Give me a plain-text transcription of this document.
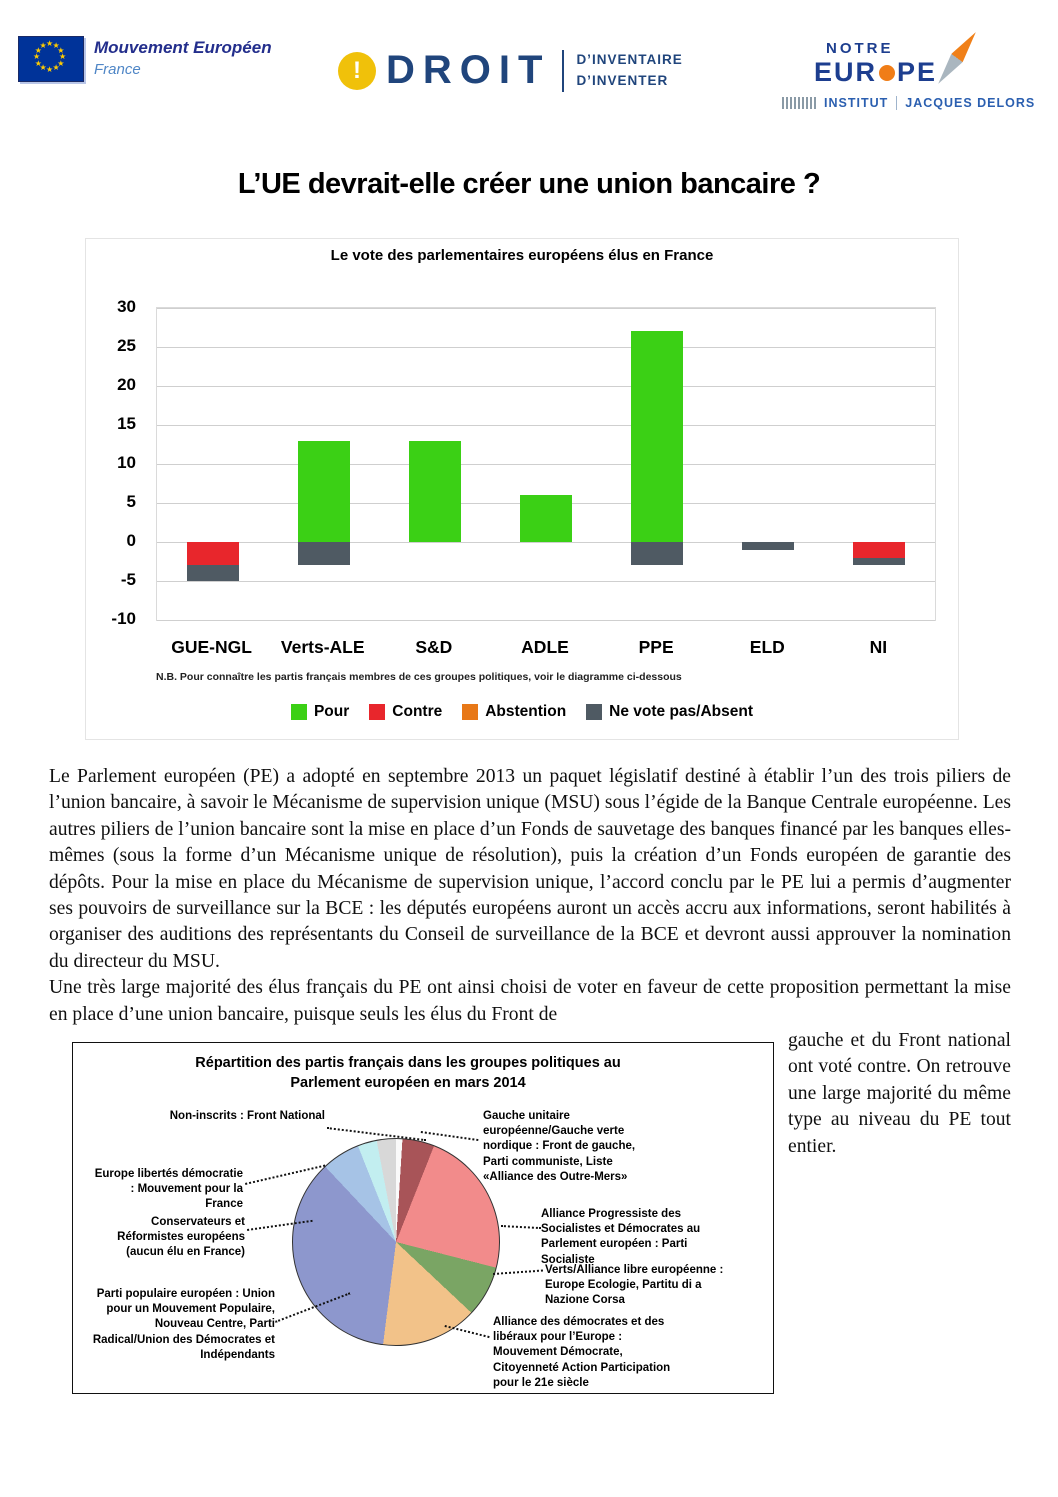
★ ★
★
★
★
★
★
★
★
★
★
★	Mouvement Européen
France	! DROIT D’INVENTAIRE
D’INVENTER
NOTRE
EUR PE
INSTITUT JACQUES DELORS
L’UE devrait-elle créer une union bancaire ?
Le vote des parlementaires européens élus en France
30
25
20
15
10
5
0
-5
-10
GUE-NGL	Verts-ALE	S&D	ADLE	PPE	ELD	NI
N.B. Pour connaître les partis français membres de ces groupes politiques, voir le diagramme ci-dessous
Pour	Contre	Abstention	Ne vote pas/Absent

Le Parlement européen (PE) a adopté en septembre 2013 un paquet législatif destiné à établir l’un des trois piliers de l’union bancaire, à savoir le Mécanisme de supervision unique (MSU) sous l’égide de la Banque Centrale européenne. Les autres piliers de l’union bancaire sont la mise en place d’un Fonds de sauvetage des banques financé par les banques elles-mêmes (sous la forme d’un Mécanisme unique de résolution), puis la création d’un Fonds européen de garantie des dépôts. Pour la mise en place du Mécanisme de supervision unique, l’accord conclu par le PE lui a permis d’augmenter ses pouvoirs de surveillance sur la BCE : les députés européens auront un accès accru aux informations, seront habilités à organiser des auditions des représentants du Conseil de surveillance de la BCE et devront aussi approuver la nomination du directeur du MSU.

Une très large majorité des élus français du PE ont ainsi choisi de voter en faveur de cette proposition permettant la mise en place d’une union bancaire, puisque seuls les élus du Front de

Répartition des partis français dans les groupes politiques au Parlement européen en mars 2014
Non-inscrits : Front National
Europe libertés démocratie : Mouvement pour la France
Conservateurs et Réformistes européens (aucun élu en France)
Parti populaire européen : Union pour un Mouvement Populaire, Nouveau Centre, Parti Radical/Union des Démocrates et Indépendants
Gauche unitaire européenne/Gauche verte nordique : Front de gauche, Parti communiste, Liste «Alliance des Outre-Mers»
Alliance Progressiste des Socialistes et Démocrates au Parlement européen : Parti Socialiste
Verts/Alliance libre européenne : Europe Ecologie, Partitu di a Nazione Corsa
Alliance des démocrates et des libéraux pour l’Europe : Mouvement Démocrate, Citoyenneté Action Participation pour le 21e siècle

gauche et du Front national ont voté contre. On retrouve une large majorité du même type au niveau du PE tout entier.
